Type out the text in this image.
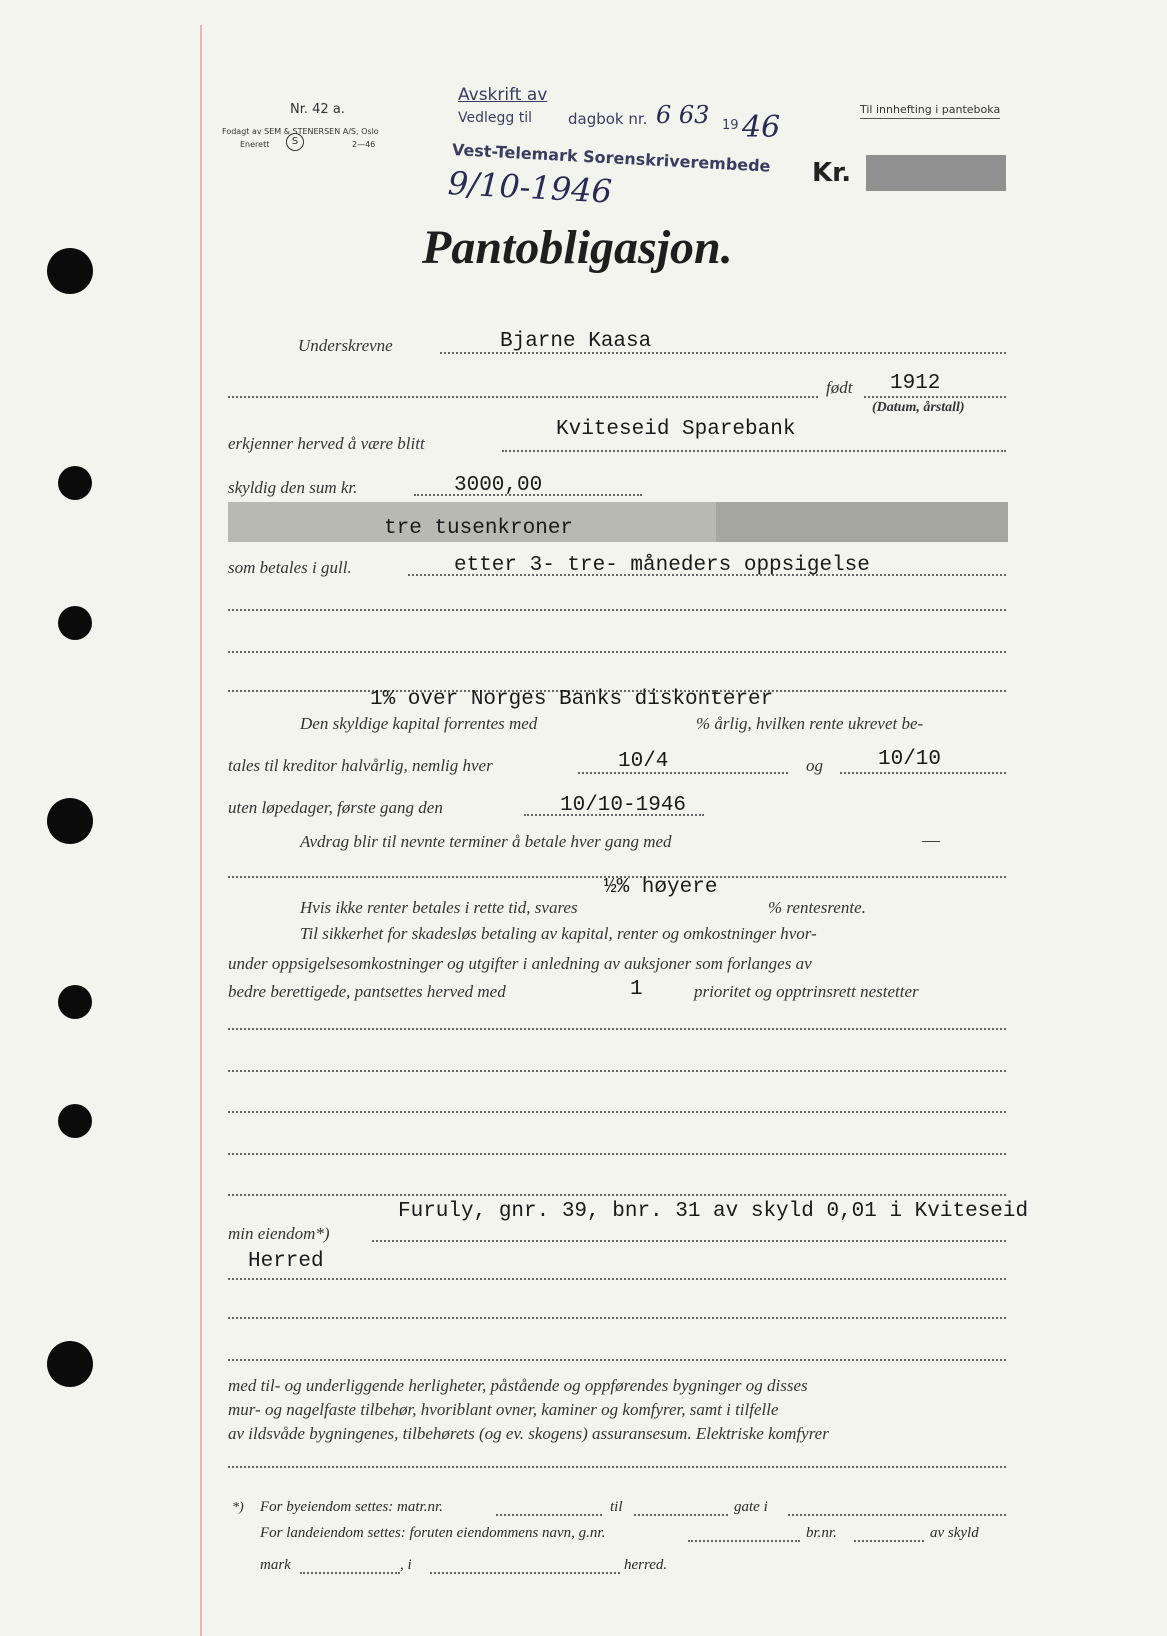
Nr. 42 a.
Fodagt av SEM & STENERSEN A/S, Oslo
Enerett	S	2—46
Avskrift av
Vedlegg til dagbok nr. 6 63 19 46
Vest-Telemark Sorenskriverembede
9/10-1946
Til innhefting i panteboka
Kr.
Pantobligasjon.
Underskrevne	Bjarne Kaasa
født 1912
(Datum, årstall)
erkjenner herved å være blitt
Kviteseid Sparebank
skyldig den sum kr.	3000,00
tre tusenkroner
som betales i gull.	etter 3- tre- måneders oppsigelse
1% over Norges Banks diskonterer
Den skyldige kapital forrentes med	% årlig, hvilken rente ukrevet be-
tales til kreditor halvårlig, nemlig hver	10/4	og	10/10
uten løpedager, første gang den	10/10-1946
Avdrag blir til nevnte terminer å betale hver gang med	—
½% høyere
Hvis ikke renter betales i rette tid, svares	% rentesrente.
Til sikkerhet for skadesløs betaling av kapital, renter og omkostninger hvor-
under oppsigelsesomkostninger og utgifter i anledning av auksjoner som forlanges av
bedre berettigede, pantsettes herved med	1	prioritet og opptrinsrett nestetter
min eiendom*)
Furuly, gnr. 39, bnr. 31 av skyld 0,01 i Kviteseid
Herred
med til- og underliggende herligheter, påstående og oppførendes bygninger og disses
mur- og nagelfaste tilbehør, hvoriblant ovner, kaminer og komfyrer, samt i tilfelle
av ildsvåde bygningenes, tilbehørets (og ev. skogens) assuransesum. Elektriske komfyrer
*) For byeiendom settes: matr.nr.	til	gate i
For landeiendom settes: foruten eiendommens navn, g.nr.	br.nr.	av skyld
mark	, i	herred.
